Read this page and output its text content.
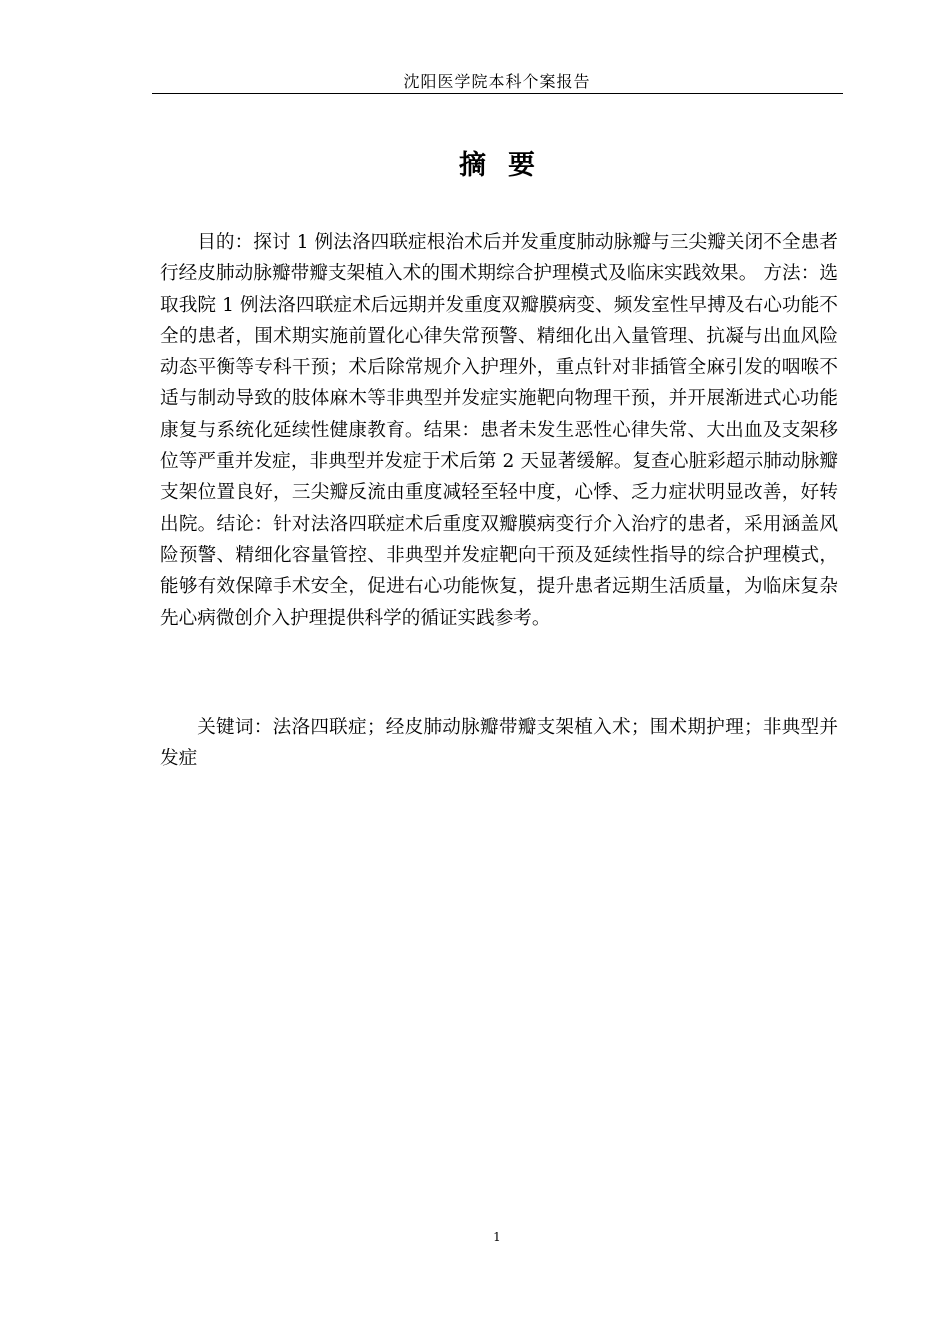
沈阳医学院本科个案报告
摘 要

目的：探讨 1 例法洛四联症根治术后并发重度肺动脉瓣与三尖瓣关闭不全患者行经皮肺动脉瓣带瓣支架植入术的围术期综合护理模式及临床实践效果。 方法：选取我院 1 例法洛四联症术后远期并发重度双瓣膜病变、频发室性早搏及右心功能不全的患者，围术期实施前置化心律失常预警、精细化出入量管理、抗凝与出血风险动态平衡等专科干预；术后除常规介入护理外，重点针对非插管全麻引发的咽喉不适与制动导致的肢体麻木等非典型并发症实施靶向物理干预，并开展渐进式心功能康复与系统化延续性健康教育。结果：患者未发生恶性心律失常、大出血及支架移位等严重并发症，非典型并发症于术后第 2 天显著缓解。复查心脏彩超示肺动脉瓣支架位置良好，三尖瓣反流由重度减轻至轻中度，心悸、乏力症状明显改善，好转出院。结论：针对法洛四联症术后重度双瓣膜病变行介入治疗的患者，采用涵盖风险预警、精细化容量管控、非典型并发症靶向干预及延续性指导的综合护理模式，能够有效保障手术安全，促进右心功能恢复，提升患者远期生活质量，为临床复杂先心病微创介入护理提供科学的循证实践参考。

关键词：法洛四联症；经皮肺动脉瓣带瓣支架植入术；围术期护理；非典型并发症

1
